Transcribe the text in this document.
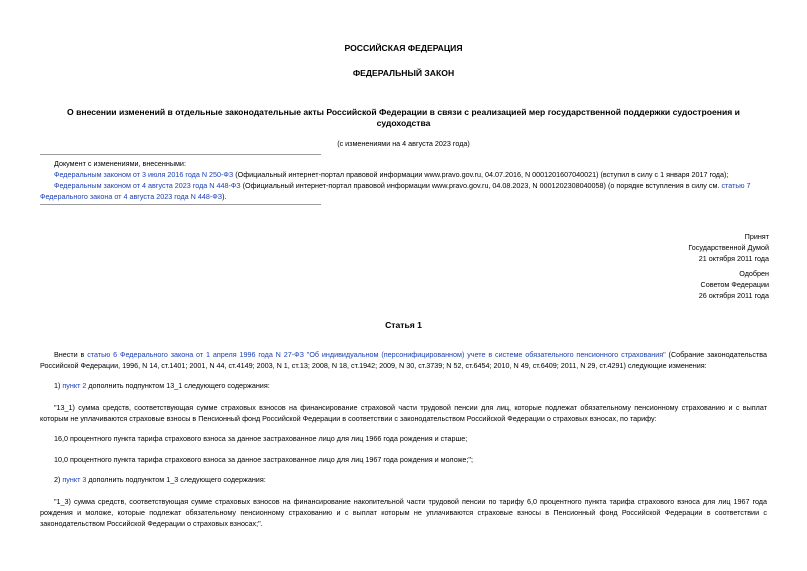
РОССИЙСКАЯ ФЕДЕРАЦИЯ
ФЕДЕРАЛЬНЫЙ ЗАКОН
О внесении изменений в отдельные законодательные акты Российской Федерации в связи с реализацией мер государственной поддержки судостроения и судоходства
(с изменениями на 4 августа 2023 года)
Документ с изменениями, внесенными:
Федеральным законом от 3 июля 2016 года N 250-ФЗ (Официальный интернет-портал правовой информации www.pravo.gov.ru, 04.07.2016, N 0001201607040021) (вступил в силу с 1 января 2017 года);
Федеральным законом от 4 августа 2023 года N 448-ФЗ (Официальный интернет-портал правовой информации www.pravo.gov.ru, 04.08.2023, N 0001202308040058) (о порядке вступления в силу см. статью 7 Федерального закона от 4 августа 2023 года N 448-ФЗ).
Принят
Государственной Думой
21 октября 2011 года
Одобрен
Советом Федерации
26 октября 2011 года
Статья 1
Внести в статью 6 Федерального закона от 1 апреля 1996 года N 27-ФЗ "Об индивидуальном (персонифицированном) учете в системе обязательного пенсионного страхования" (Собрание законодательства Российской Федерации, 1996, N 14, ст.1401; 2001, N 44, ст.4149; 2003, N 1, ст.13; 2008, N 18, ст.1942; 2009, N 30, ст.3739; N 52, ст.6454; 2010, N 49, ст.6409; 2011, N 29, ст.4291) следующие изменения:
1) пункт 2 дополнить подпунктом 13_1 следующего содержания:
"13_1) сумма средств, соответствующая сумме страховых взносов на финансирование страховой части трудовой пенсии для лиц, которые подлежат обязательному пенсионному страхованию и с выплат которым не уплачиваются страховые взносы в Пенсионный фонд Российской Федерации в соответствии с законодательством Российской Федерации о страховых взносах, по тарифу:
16,0 процентного пункта тарифа страхового взноса за данное застрахованное лицо для лиц 1966 года рождения и старше;
10,0 процентного пункта тарифа страхового взноса за данное застрахованное лицо для лиц 1967 года рождения и моложе;";
2) пункт 3 дополнить подпунктом 1_3 следующего содержания:
"1_3) сумма средств, соответствующая сумме страховых взносов на финансирование накопительной части трудовой пенсии по тарифу 6,0 процентного пункта тарифа страхового взноса для лиц 1967 года рождения и моложе, которые подлежат обязательному пенсионному страхованию и с выплат которым не уплачиваются страховые взносы в Пенсионный фонд Российской Федерации в соответствии с законодательством Российской Федерации о страховых взносах;".
